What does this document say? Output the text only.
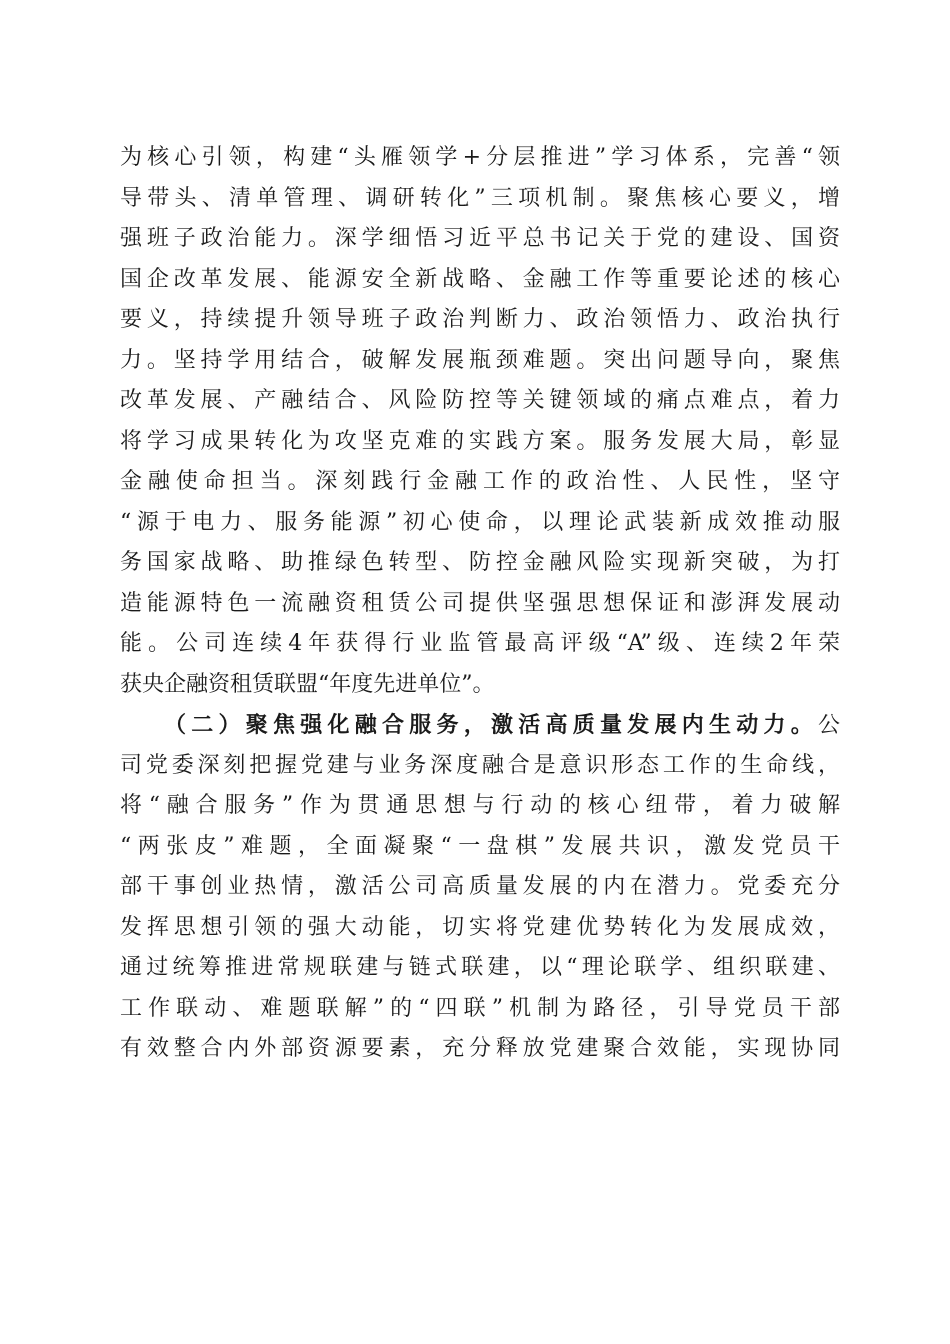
为核心引领，构建“头雁领学+分层推进”学习体系，完善“领
导带头、清单管理、调研转化”三项机制。聚焦核心要义，增
强班子政治能力。深学细悟习近平总书记关于党的建设、国资
国企改革发展、能源安全新战略、金融工作等重要论述的核心
要义，持续提升领导班子政治判断力、政治领悟力、政治执行
力。坚持学用结合，破解发展瓶颈难题。突出问题导向，聚焦
改革发展、产融结合、风险防控等关键领域的痛点难点，着力
将学习成果转化为攻坚克难的实践方案。服务发展大局，彰显
金融使命担当。深刻践行金融工作的政治性、人民性，坚守
“源于电力、服务能源”初心使命，以理论武装新成效推动服
务国家战略、助推绿色转型、防控金融风险实现新突破，为打
造能源特色一流融资租赁公司提供坚强思想保证和澎湃发展动
能。公司连续4年获得行业监管最高评级“A”级、连续2年荣
获央企融资租赁联盟“年度先进单位”。
（二）聚焦强化融合服务，激活高质量发展内生动力。公
司党委深刻把握党建与业务深度融合是意识形态工作的生命线，
将“融合服务”作为贯通思想与行动的核心纽带，着力破解
“两张皮”难题，全面凝聚“一盘棋”发展共识，激发党员干
部干事创业热情，激活公司高质量发展的内在潜力。党委充分
发挥思想引领的强大动能，切实将党建优势转化为发展成效，
通过统筹推进常规联建与链式联建，以“理论联学、组织联建、
工作联动、难题联解”的“四联”机制为路径，引导党员干部
有效整合内外部资源要素，充分释放党建聚合效能，实现协同
